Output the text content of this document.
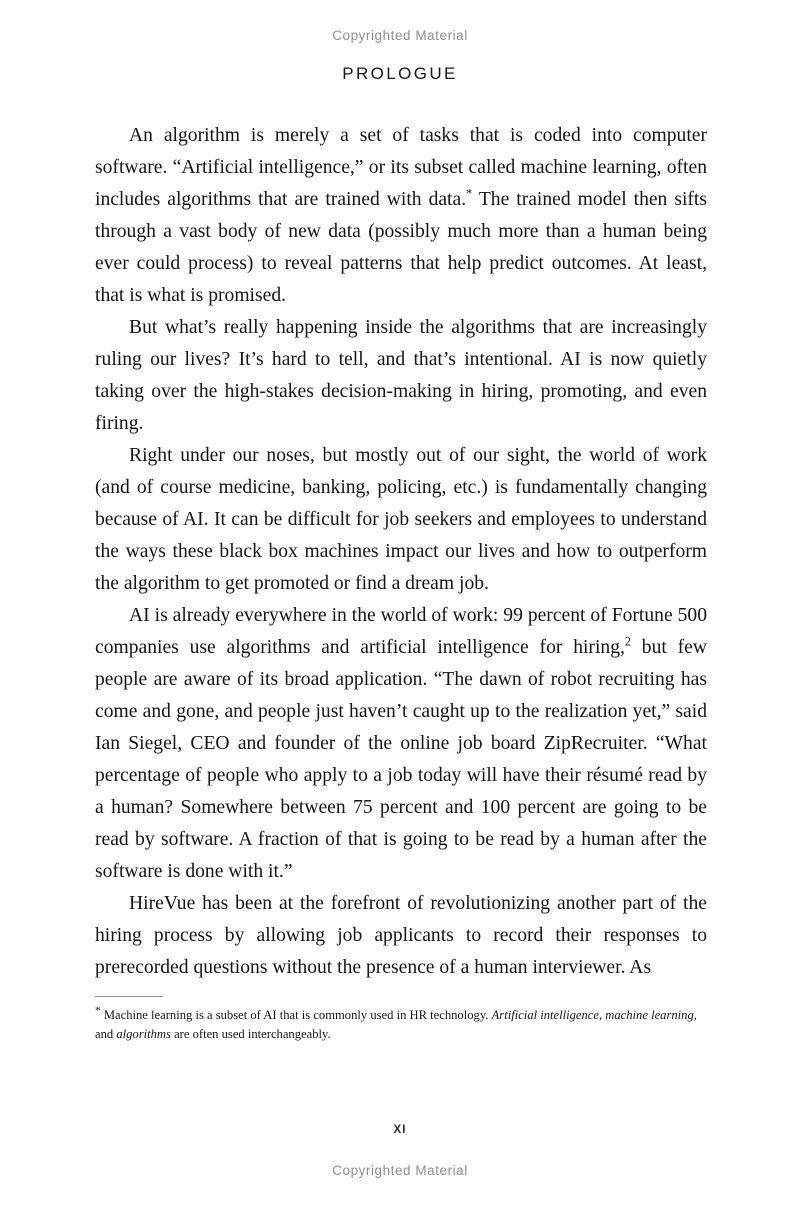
Copyrighted Material
PROLOGUE

An algorithm is merely a set of tasks that is coded into computer software. “Artificial intelligence,” or its subset called machine learning, often includes algorithms that are trained with data.* The trained model then sifts through a vast body of new data (possibly much more than a human being ever could process) to reveal patterns that help predict outcomes. At least, that is what is promised.

But what’s really happening inside the algorithms that are increasingly ruling our lives? It’s hard to tell, and that’s intentional. AI is now quietly taking over the high-stakes decision-making in hiring, promoting, and even firing.

Right under our noses, but mostly out of our sight, the world of work (and of course medicine, banking, policing, etc.) is fundamentally changing because of AI. It can be difficult for job seekers and employees to understand the ways these black box machines impact our lives and how to outperform the algorithm to get promoted or find a dream job.

AI is already everywhere in the world of work: 99 percent of Fortune 500 companies use algorithms and artificial intelligence for hiring,$^2$ but few people are aware of its broad application. “The dawn of robot recruiting has come and gone, and people just haven’t caught up to the realization yet,” said Ian Siegel, CEO and founder of the online job board ZipRecruiter. “What percentage of people who apply to a job today will have their résumé read by a human? Somewhere between 75 percent and 100 percent are going to be read by software. A fraction of that is going to be read by a human after the software is done with it.”

HireVue has been at the forefront of revolutionizing another part of the hiring process by allowing job applicants to record their responses to prerecorded questions without the presence of a human interviewer. As

* Machine learning is a subset of AI that is commonly used in HR technology. Artificial intelligence, machine learning, and algorithms are often used interchangeably.

XI
Copyrighted Material
